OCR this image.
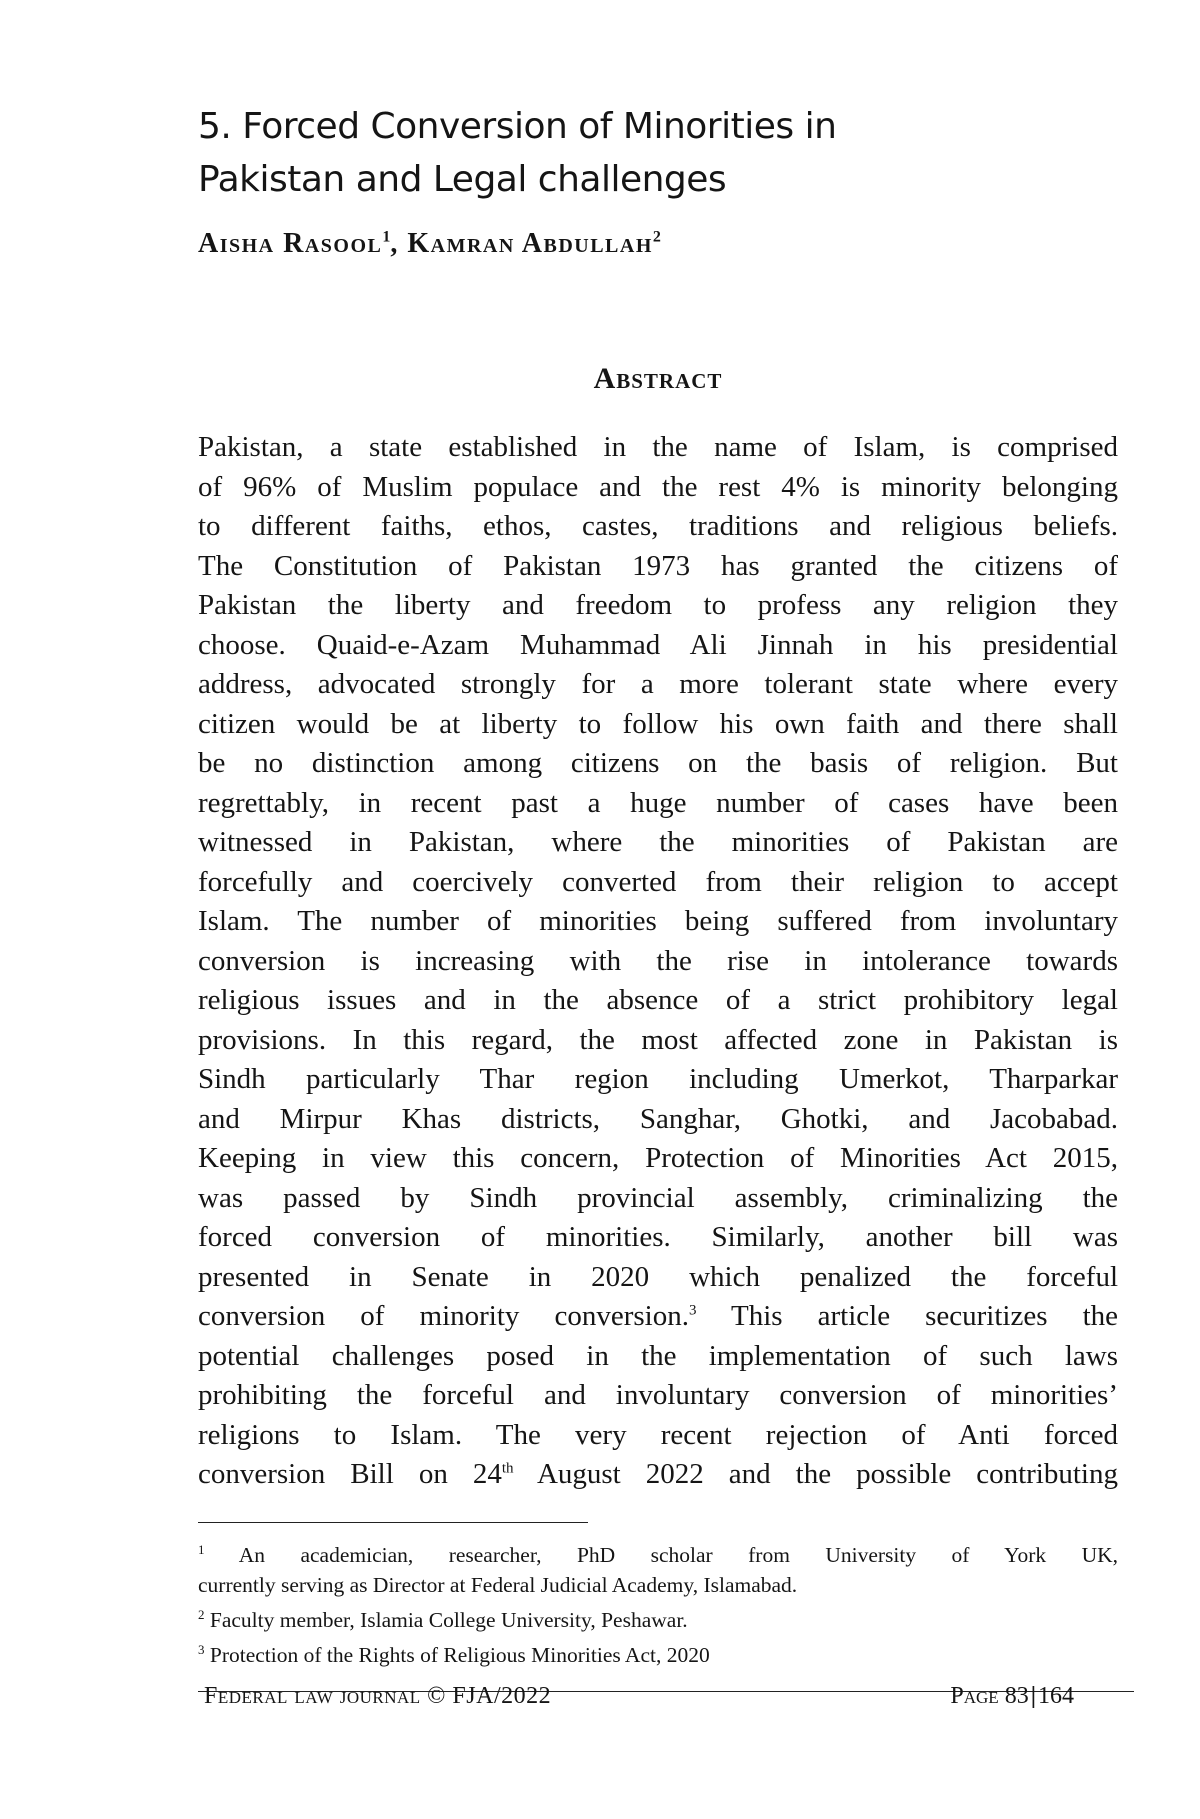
5. Forced Conversion of Minorities in
Pakistan and Legal challenges

Aisha Rasool$^1$, Kamran Abdullah$^2$

Abstract
Pakistan, a state established in the name of Islam, is comprised
of 96% of Muslim populace and the rest 4% is minority belonging
to different faiths, ethos, castes, traditions and religious beliefs.
The Constitution of Pakistan 1973 has granted the citizens of
Pakistan the liberty and freedom to profess any religion they
choose. Quaid-e-Azam Muhammad Ali Jinnah in his presidential
address, advocated strongly for a more tolerant state where every
citizen would be at liberty to follow his own faith and there shall
be no distinction among citizens on the basis of religion. But
regrettably, in recent past a huge number of cases have been
witnessed in Pakistan, where the minorities of Pakistan are
forcefully and coercively converted from their religion to accept
Islam. The number of minorities being suffered from involuntary
conversion is increasing with the rise in intolerance towards
religious issues and in the absence of a strict prohibitory legal
provisions. In this regard, the most affected zone in Pakistan is
Sindh particularly Thar region including Umerkot, Tharparkar
and Mirpur Khas districts, Sanghar, Ghotki, and Jacobabad.
Keeping in view this concern, Protection of Minorities Act 2015,
was passed by Sindh provincial assembly, criminalizing the
forced conversion of minorities. Similarly, another bill was
presented in Senate in 2020 which penalized the forceful
conversion of minority conversion.$^3$ This article securitizes the
potential challenges posed in the implementation of such laws
prohibiting the forceful and involuntary conversion of minorities’
religions to Islam. The very recent rejection of Anti forced
conversion Bill on 24th August 2022 and the possible contributing
$^1$ An academician, researcher, PhD scholar from University of York UK,
currently serving as Director at Federal Judicial Academy, Islamabad.
$^2$ Faculty member, Islamia College University, Peshawar.
$^3$ Protection of the Rights of Religious Minorities Act, 2020
Federal law journal © FJA/2022	Page 83|164
